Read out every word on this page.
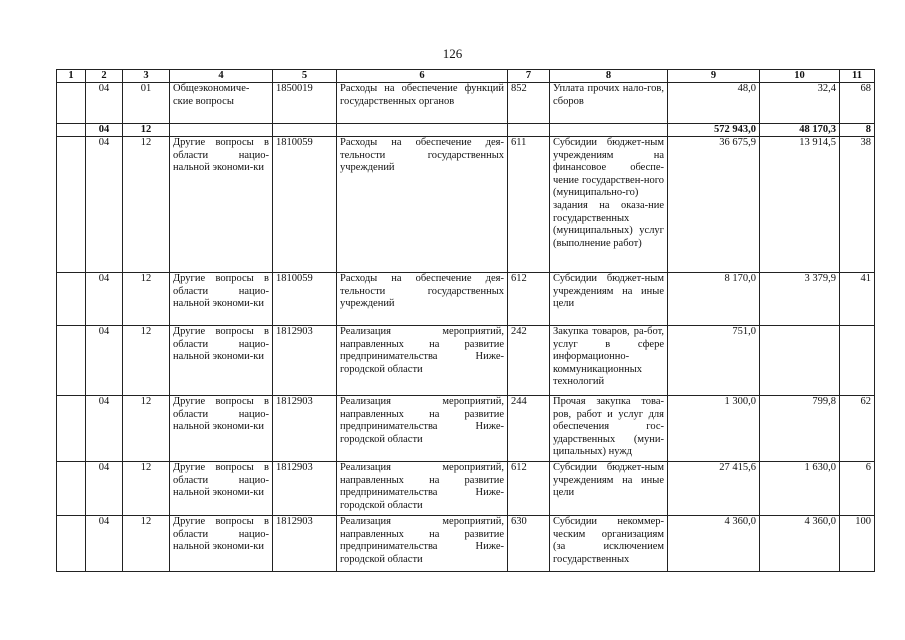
126
1	2	3	4	5	6	7	8	9	10	11
	04	01	Общеэкономиче-ские вопросы	1850019	Расходы на обеспечение функций государственных органов	852	Уплата прочих нало-гов, сборов	48,0	32,4	68
	04	12						572 943,0	48 170,3	8
	04	12	Другие вопросы в области нацио-нальной экономи-ки	1810059	Расходы на обеспечение дея-тельности государственных учреждений	611	Субсидии бюджет-ным учреждениям на финансовое обеспе-чение государствен-ного (муниципально-го) задания на оказа-ние государственных (муниципальных) услуг (выполнение работ)	36 675,9	13 914,5	38
	04	12	Другие вопросы в области нацио-нальной экономи-ки	1810059	Расходы на обеспечение дея-тельности государственных учреждений	612	Субсидии бюджет-ным учреждениям на иные цели	8 170,0	3 379,9	41
	04	12	Другие вопросы в области нацио-нальной экономи-ки	1812903	Реализация мероприятий, направленных на развитие предпринимательства Ниже-городской области	242	Закупка товаров, ра-бот, услуг в сфере информационно-коммуникационных технологий	751,0		
	04	12	Другие вопросы в области нацио-нальной экономи-ки	1812903	Реализация мероприятий, направленных на развитие предпринимательства Ниже-городской области	244	Прочая закупка това-ров, работ и услуг для обеспечения гос-ударственных (муни-ципальных) нужд	1 300,0	799,8	62
	04	12	Другие вопросы в области нацио-нальной экономи-ки	1812903	Реализация мероприятий, направленных на развитие предпринимательства Ниже-городской области	612	Субсидии бюджет-ным учреждениям на иные цели	27 415,6	1 630,0	6
	04	12	Другие вопросы в области нацио-нальной экономи-ки	1812903	Реализация мероприятий, направленных на развитие предпринимательства Ниже-городской области	630	Субсидии некоммер-ческим организациям (за исключением государственных	4 360,0	4 360,0	100
